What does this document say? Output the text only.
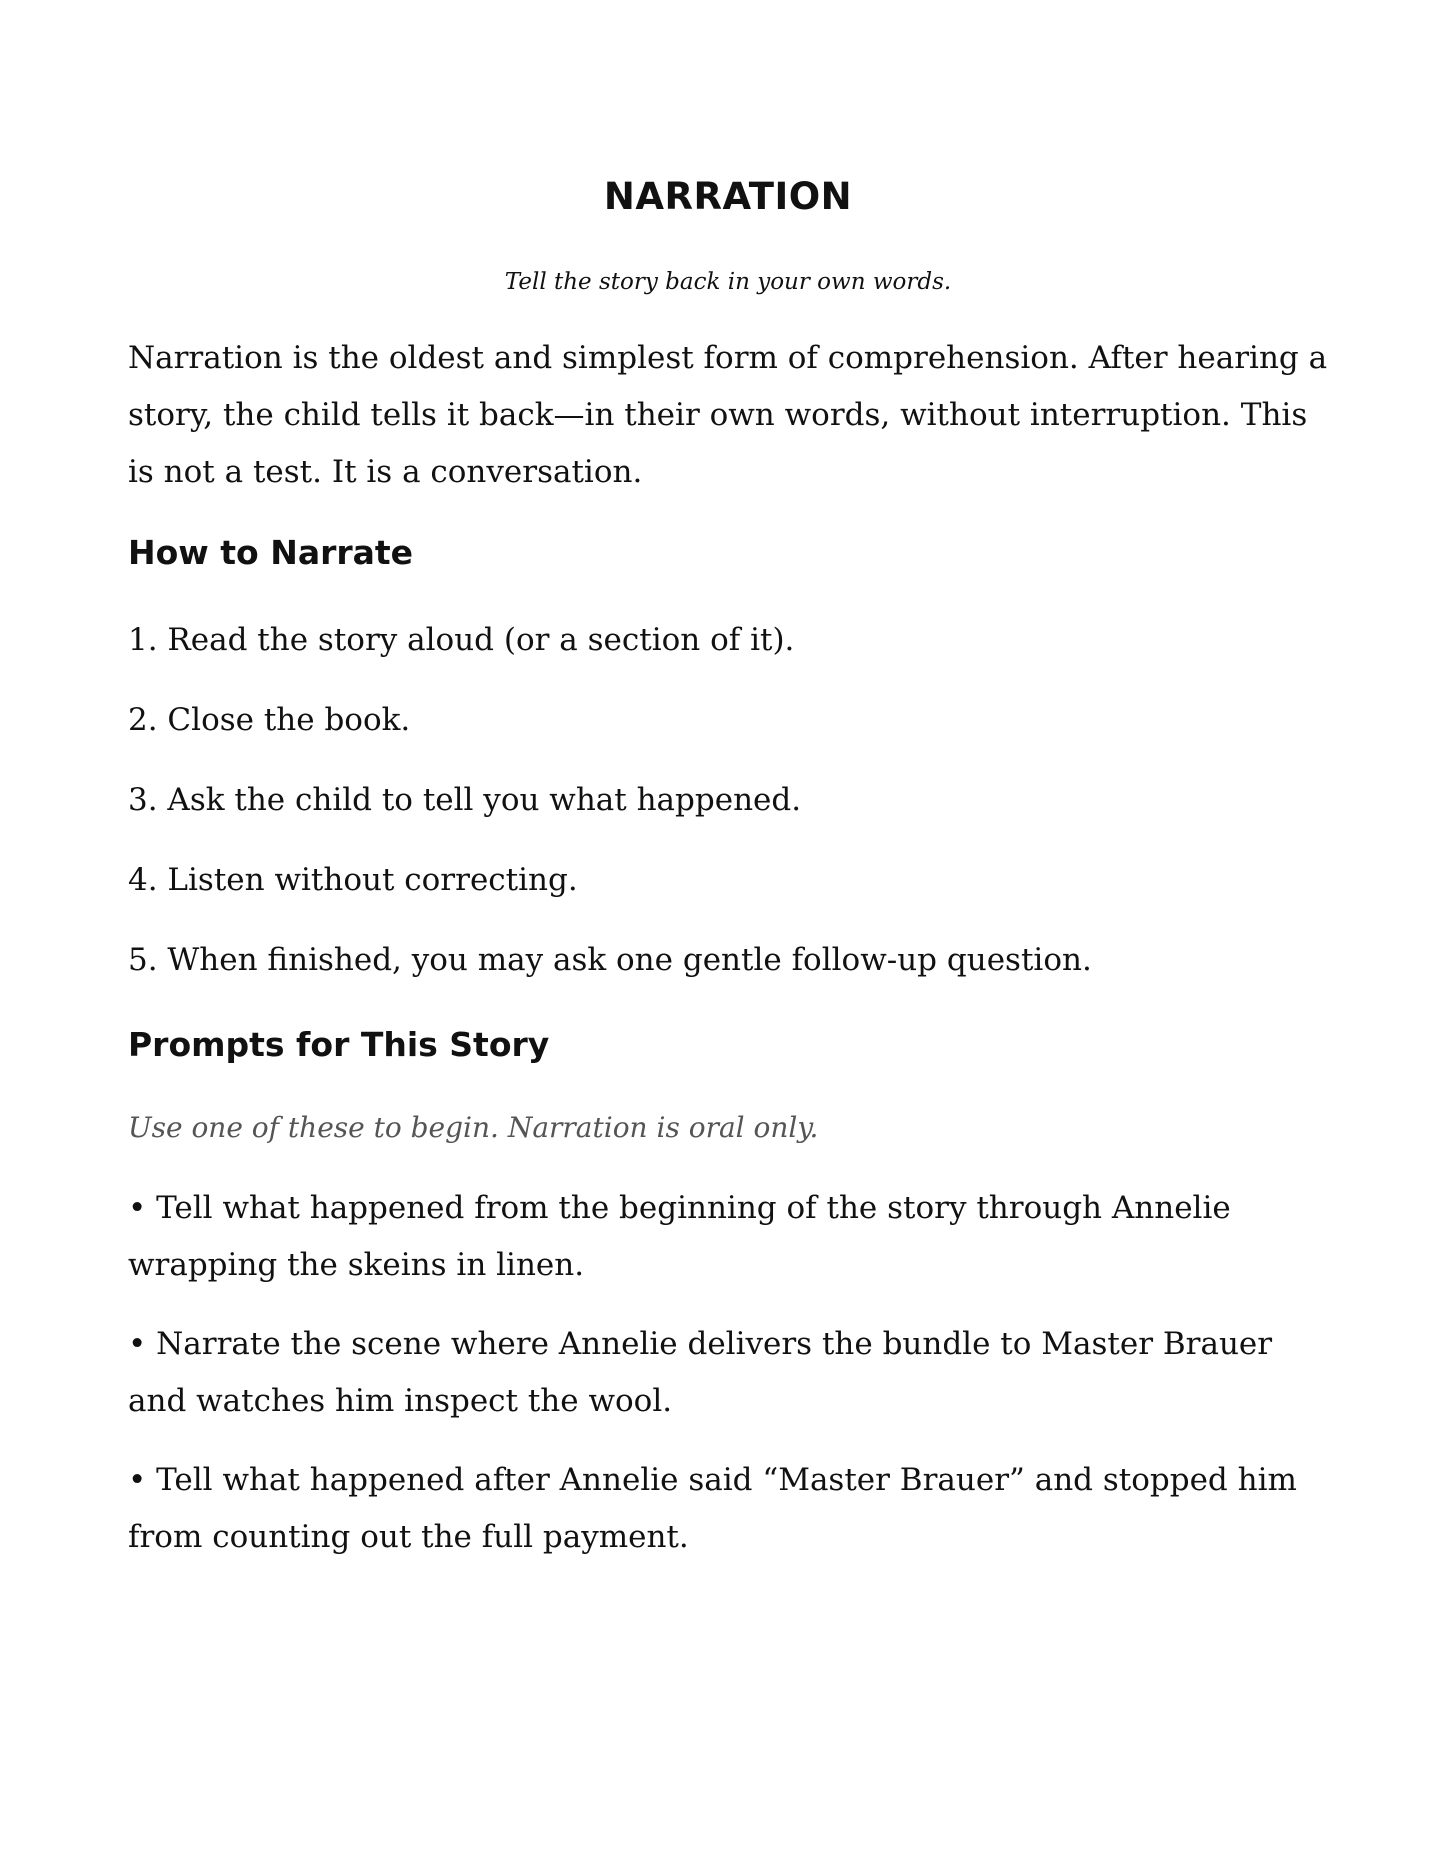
NARRATION

Tell the story back in your own words.

Narration is the oldest and simplest form of comprehension. After hearing a story, the child tells it back—in their own words, without interruption. This is not a test. It is a conversation.

How to Narrate

1. Read the story aloud (or a section of it).

2. Close the book.

3. Ask the child to tell you what happened.

4. Listen without correcting.

5. When finished, you may ask one gentle follow-up question.

Prompts for This Story

Use one of these to begin. Narration is oral only.

• Tell what happened from the beginning of the story through Annelie wrapping the skeins in linen.

• Narrate the scene where Annelie delivers the bundle to Master Brauer and watches him inspect the wool.

• Tell what happened after Annelie said “Master Brauer” and stopped him from counting out the full payment.
